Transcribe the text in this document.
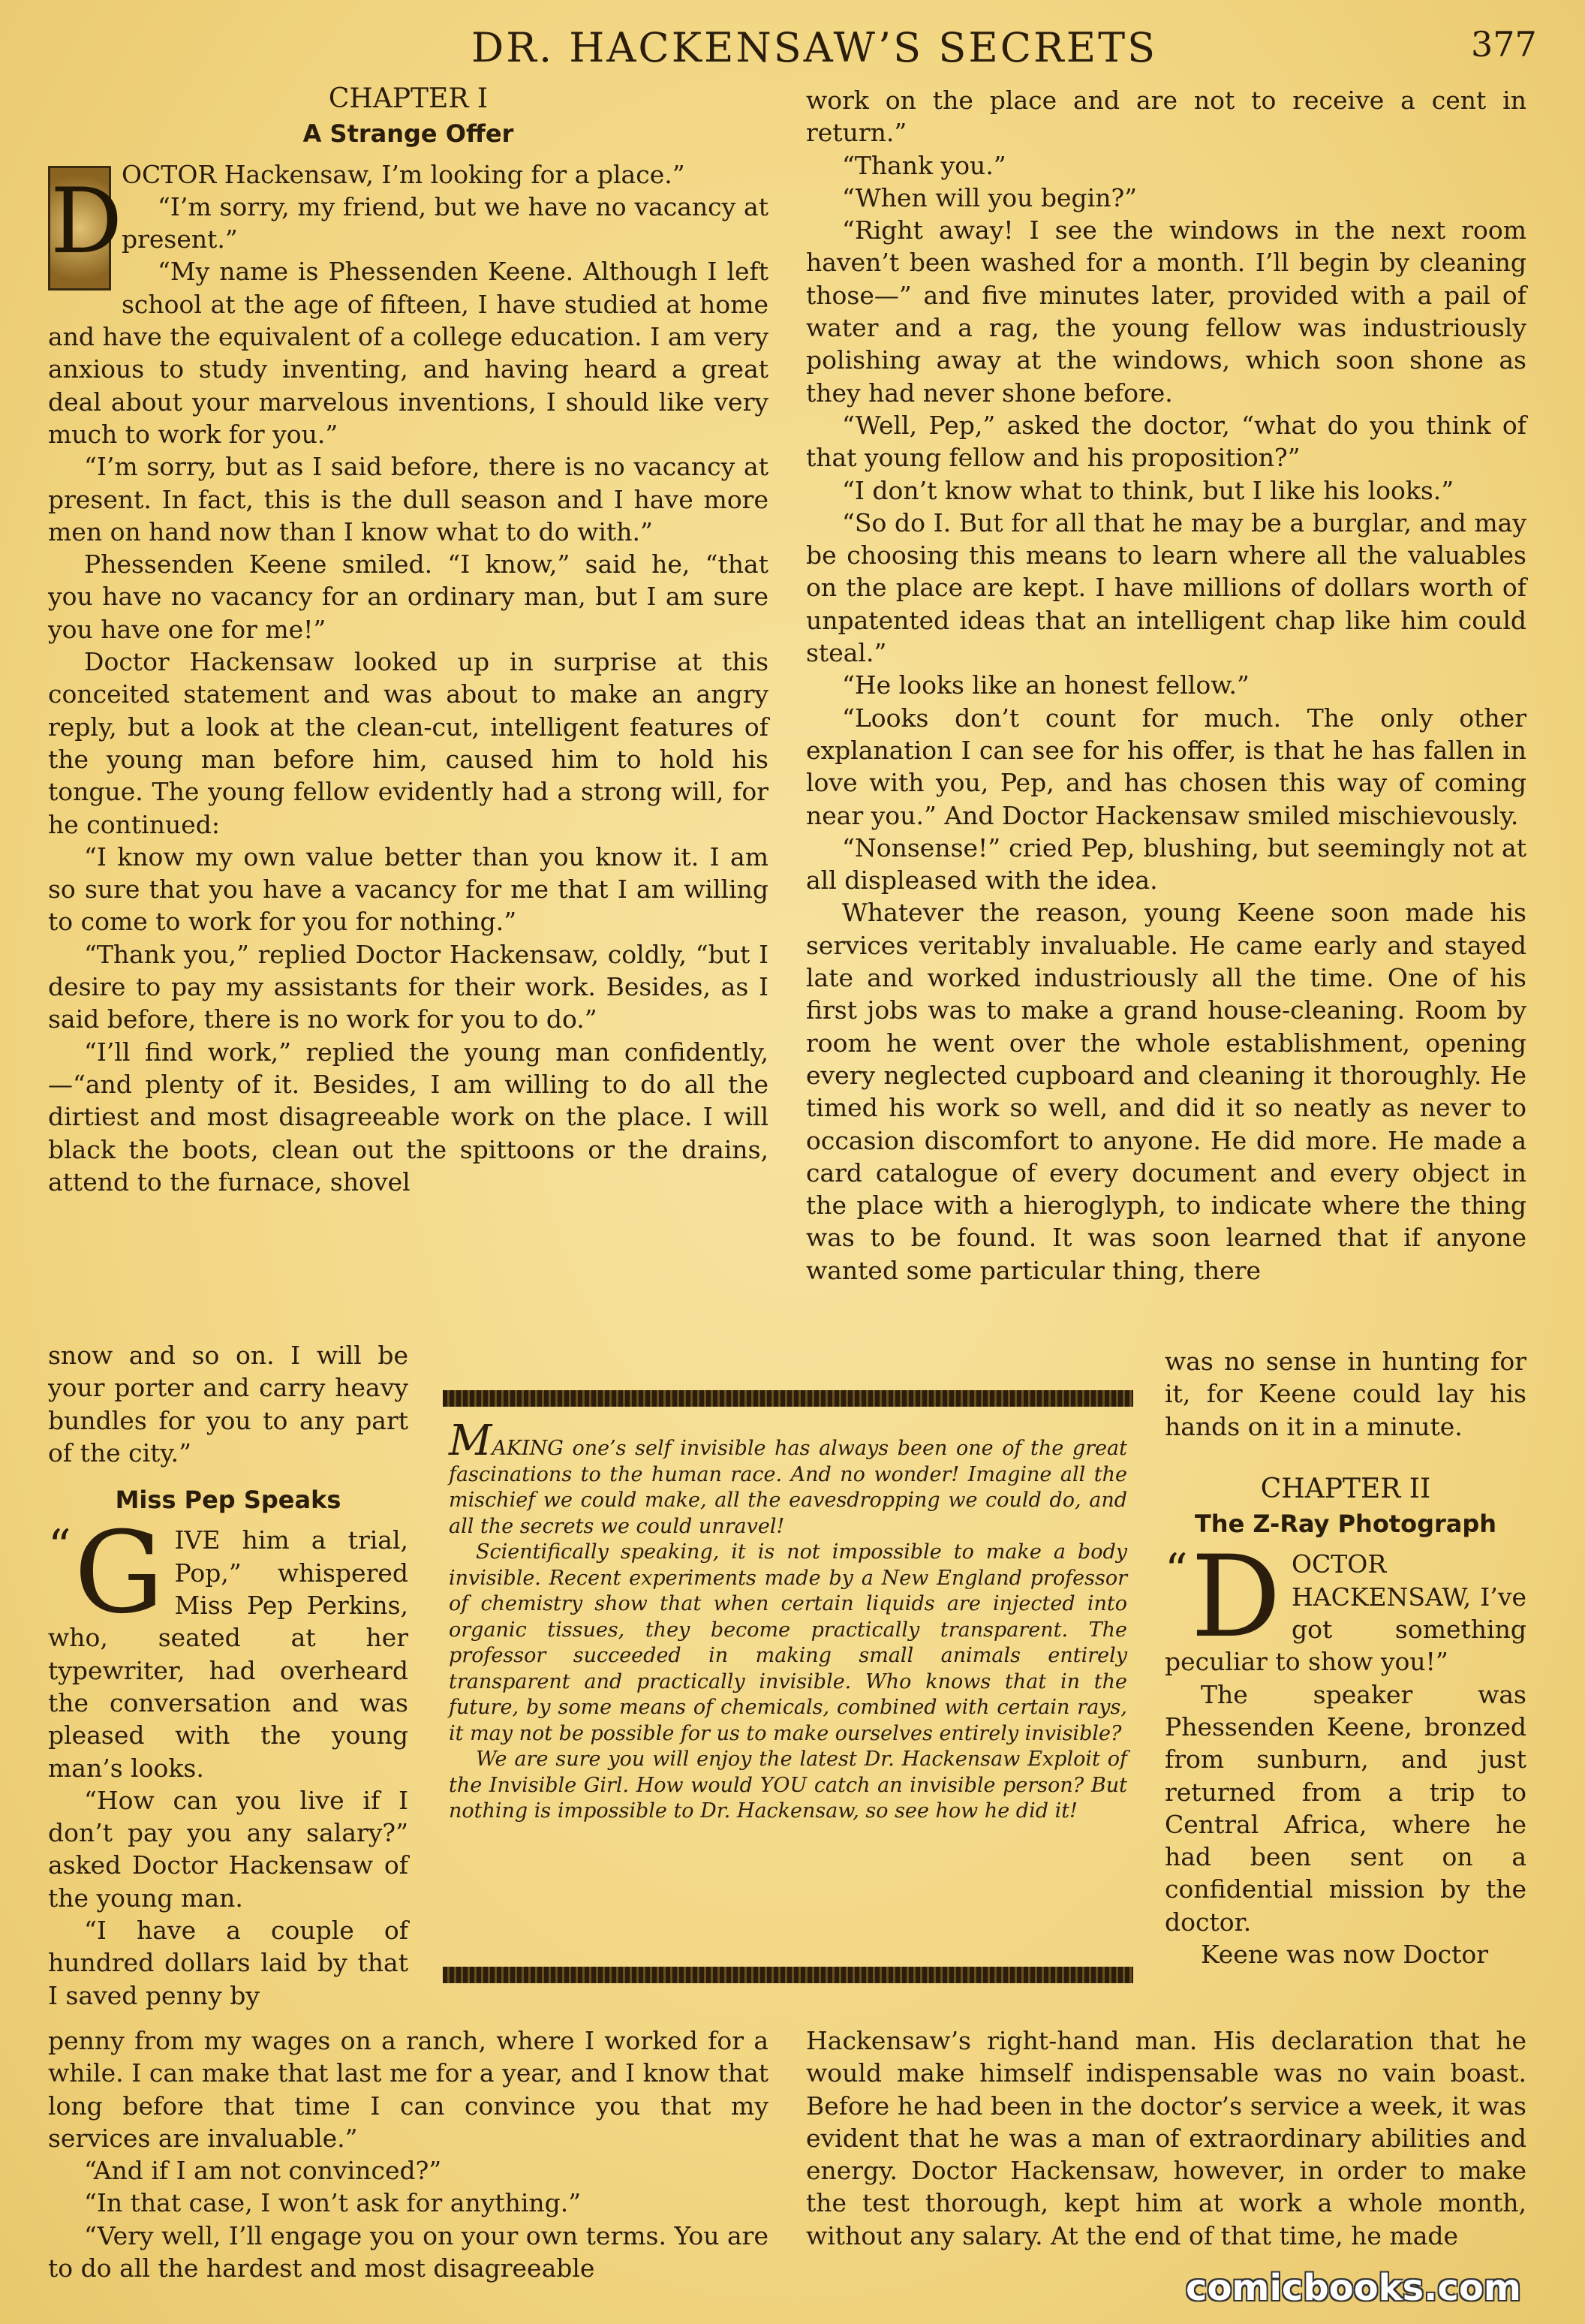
DR. HACKENSAW’S SECRETS	377

CHAPTER I

A Strange Offer

D

OCTOR Hackensaw, I’m looking for a place.”

“I’m sorry, my friend, but we have no vacancy at present.”

“My name is Phessenden Keene. Although I left school at the age of fifteen, I have studied at home and have the equivalent of a college education. I am very anxious to study inventing, and having heard a great deal about your marvelous inventions, I should like very much to work for you.”

“I’m sorry, but as I said before, there is no vacancy at present. In fact, this is the dull season and I have more men on hand now than I know what to do with.”

Phessenden Keene smiled. “I know,” said he, “that you have no vacancy for an ordinary man, but I am sure you have one for me!”

Doctor Hackensaw looked up in surprise at this conceited statement and was about to make an angry reply, but a look at the clean-cut, intelligent features of the young man before him, caused him to hold his tongue. The young fellow evidently had a strong will, for he continued:

“I know my own value better than you know it. I am so sure that you have a vacancy for me that I am willing to come to work for you for nothing.”

“Thank you,” replied Doctor Hackensaw, coldly, “but I desire to pay my assistants for their work. Besides, as I said before, there is no work for you to do.”

“I’ll find work,” replied the young man confidently,—“and plenty of it. Besides, I am willing to do all the dirtiest and most disagreeable work on the place. I will black the boots, clean out the spittoons or the drains, attend to the furnace, shovel

snow and so on. I will be your porter and carry heavy bundles for you to any part of the city.”

Miss Pep Speaks

“ G IVE him a trial, Pop,” whispered Miss Pep Perkins, who, seated at her typewriter, had overheard the conversation and was pleased with the young man’s looks.

“How can you live if I don’t pay you any salary?” asked Doctor Hackensaw of the young man.

“I have a couple of hundred dollars laid by that I saved penny by

penny from my wages on a ranch, where I worked for a while. I can make that last me for a year, and I know that long before that time I can convince you that my services are invaluable.”

“And if I am not convinced?”

“In that case, I won’t ask for anything.”

“Very well, I’ll engage you on your own terms. You are to do all the hardest and most disagreeable

work on the place and are not to receive a cent in return.”

“Thank you.”

“When will you begin?”

“Right away! I see the windows in the next room haven’t been washed for a month. I’ll begin by cleaning those—” and five minutes later, provided with a pail of water and a rag, the young fellow was industriously polishing away at the windows, which soon shone as they had never shone before.

“Well, Pep,” asked the doctor, “what do you think of that young fellow and his proposition?”

“I don’t know what to think, but I like his looks.”

“So do I. But for all that he may be a burglar, and may be choosing this means to learn where all the valuables on the place are kept. I have millions of dollars worth of unpatented ideas that an intelligent chap like him could steal.”

“He looks like an honest fellow.”

“Looks don’t count for much. The only other explanation I can see for his offer, is that he has fallen in love with you, Pep, and has chosen this way of coming near you.” And Doctor Hackensaw smiled mischievously.

“Nonsense!” cried Pep, blushing, but seemingly not at all displeased with the idea.

Whatever the reason, young Keene soon made his services veritably invaluable. He came early and stayed late and worked industriously all the time. One of his first jobs was to make a grand house-cleaning. Room by room he went over the whole establishment, opening every neglected cupboard and cleaning it thoroughly. He timed his work so well, and did it so neatly as never to occasion discomfort to anyone. He did more. He made a card catalogue of every document and every object in the place with a hieroglyph, to indicate where the thing was to be found. It was soon learned that if anyone wanted some particular thing, there

was no sense in hunting for it, for Keene could lay his hands on it in a minute.

CHAPTER II

The Z-Ray Photograph

“ D OCTOR HACKENSAW, I’ve got something peculiar to show you!”

The speaker was Phessenden Keene, bronzed from sunburn, and just returned from a trip to Central Africa, where he had been sent on a confidential mission by the doctor.

Keene was now Doctor

Hackensaw’s right-hand man. His declaration that he would make himself indispensable was no vain boast. Before he had been in the doctor’s service a week, it was evident that he was a man of extraordinary abilities and energy. Doctor Hackensaw, however, in order to make the test thorough, kept him at work a whole month, without any salary. At the end of that time, he made

MAKING one’s self invisible has always been one of the great fascinations to the human race. And no wonder! Imagine all the mischief we could make, all the eavesdropping we could do, and all the secrets we could unravel!

Scientifically speaking, it is not impossible to make a body invisible. Recent experiments made by a New England professor of chemistry show that when certain liquids are injected into organic tissues, they become practically transparent. The professor succeeded in making small animals entirely transparent and practically invisible. Who knows that in the future, by some means of chemicals, combined with certain rays, it may not be possible for us to make ourselves entirely invisible?

We are sure you will enjoy the latest Dr. Hackensaw Exploit of the Invisible Girl. How would YOU catch an invisible person? But nothing is impossible to Dr. Hackensaw, so see how he did it!

comicbooks.com
